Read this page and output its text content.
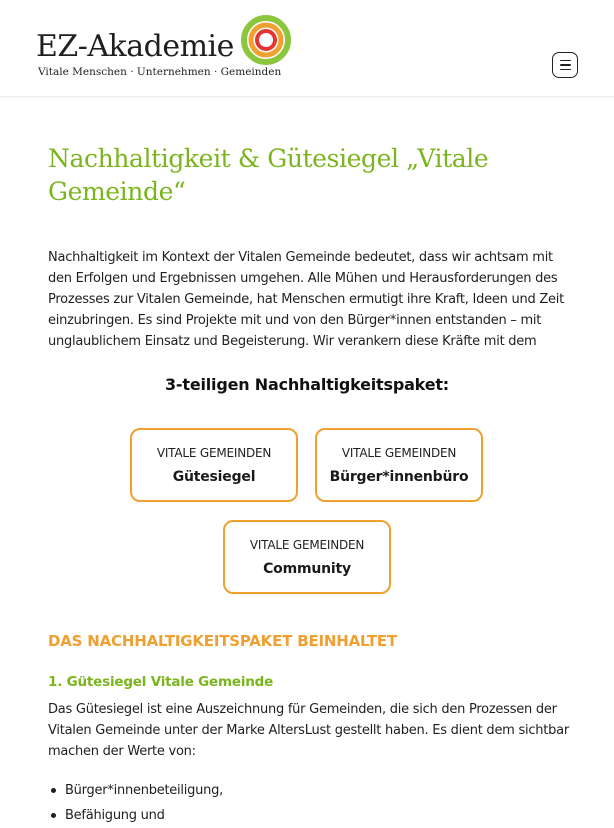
EZ-Akademie
Vitale Menschen · Unternehmen · Gemeinden
Nachhaltigkeit & Gütesiegel „Vitale Gemeinde“

Nachhaltigkeit im Kontext der Vitalen Gemeinde bedeutet, dass wir achtsam mit
den Erfolgen und Ergebnissen umgehen. Alle Mühen und Herausforderungen des
Prozesses zur Vitalen Gemeinde, hat Menschen ermutigt ihre Kraft, Ideen und Zeit
einzubringen. Es sind Projekte mit und von den Bürger*innen entstanden – mit
unglaublichem Einsatz und Begeisterung. Wir verankern diese Kräfte mit dem

3-teiligen Nachhaltigkeitspaket:
VITALE GEMEINDEN
Gütesiegel
VITALE GEMEINDEN
Bürger*innenbüro
VITALE GEMEINDEN
Community
DAS NACHHALTIGKEITSPAKET BEINHALTET
1. Gütesiegel Vitale Gemeinde

Das Gütesiegel ist eine Auszeichnung für Gemeinden, die sich den Prozessen der
Vitalen Gemeinde unter der Marke AltersLust gestellt haben. Es dient dem sichtbar
machen der Werte von:

Bürger*innenbeteiligung,
Befähigung und
